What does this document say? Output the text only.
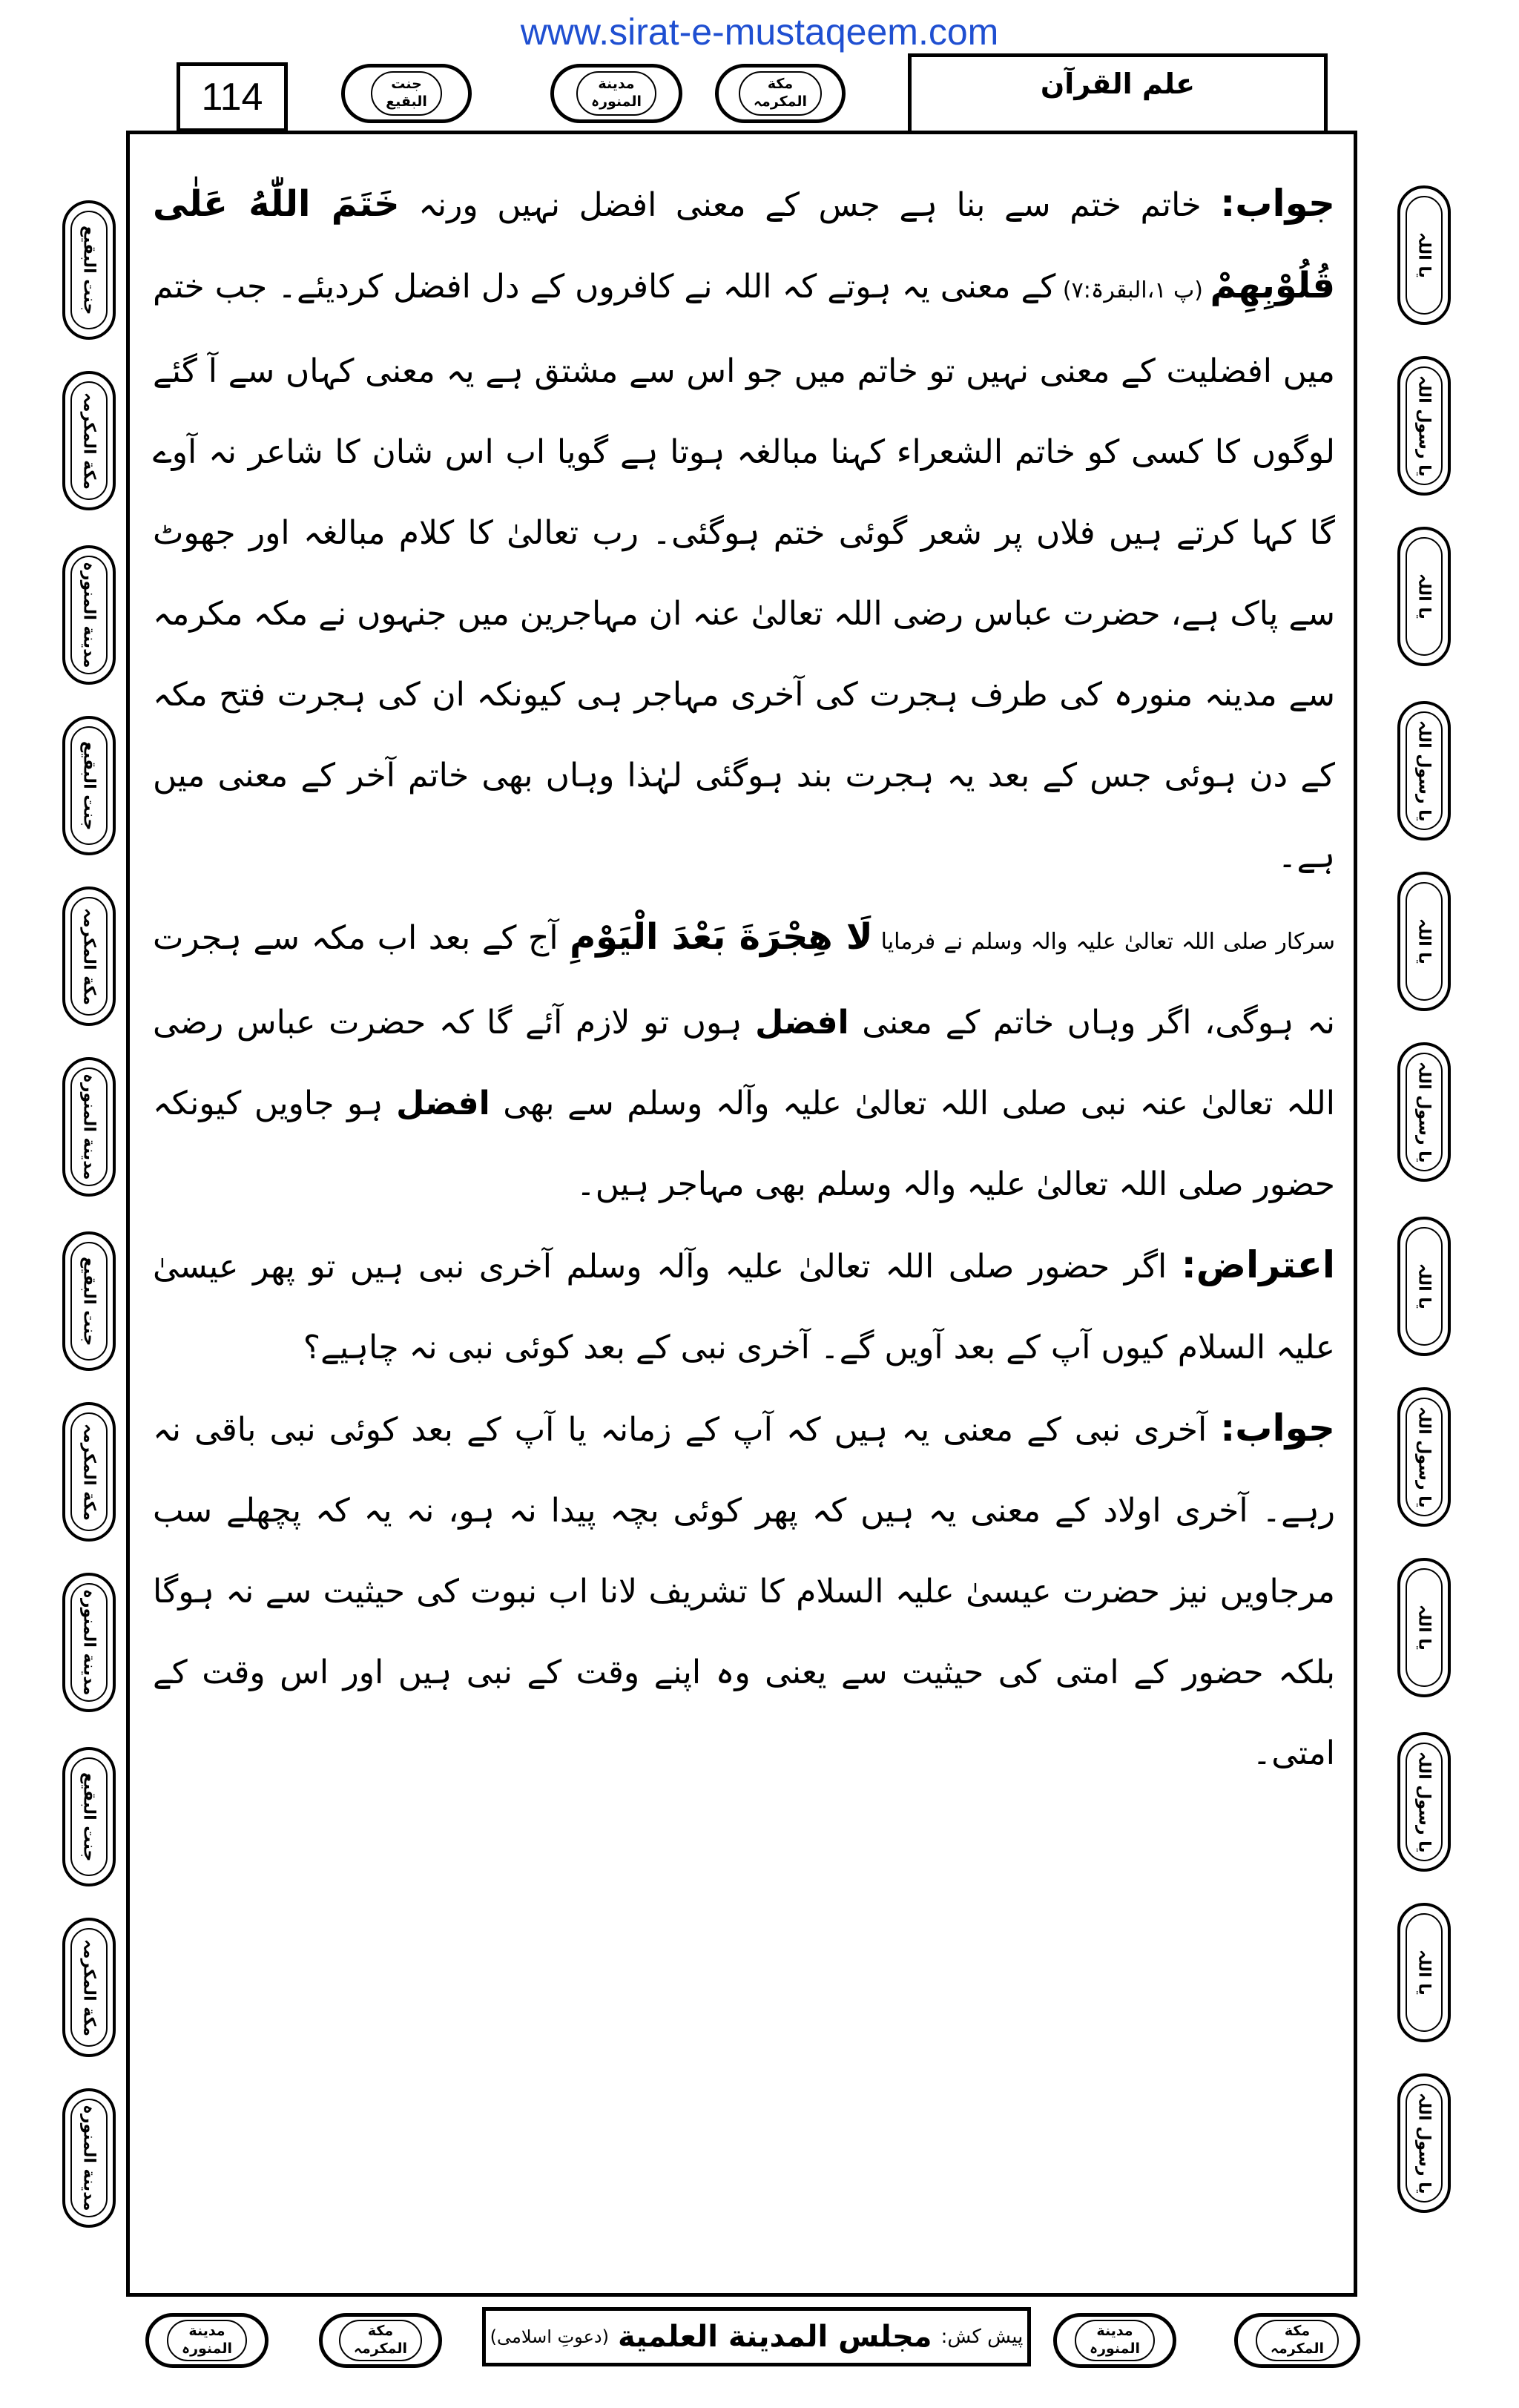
www.sirat-e-mustaqeem.com
114	جنت
البقیع
مدینة
المنورہ
مکة
المکرمہ
علم القرآن
جنت البقیع
مکة المکرمہ
مدینة المنورہ
جنت البقیع
مکة المکرمہ
مدینة المنورہ
جنت البقیع
مکة المکرمہ
مدینة المنورہ
جنت البقیع
مکة المکرمہ
مدینة المنورہ
یا اللہ
یا رسول اللہ
یا اللہ
یا رسول اللہ
یا اللہ
یا رسول اللہ
یا اللہ
یا رسول اللہ
یا اللہ
یا رسول اللہ
یا اللہ
یا رسول اللہ

جواب: خاتم ختم سے بنا ہے جس کے معنی افضل نہیں ورنہ خَتَمَ اللّٰهُ عَلٰى قُلُوْبِهِمْ (پ ۱،البقرۃ:۷) کے معنی یہ ہوتے کہ اللہ نے کافروں کے دل افضل کردیئے۔ جب ختم میں افضلیت کے معنی نہیں تو خاتم میں جو اس سے مشتق ہے یہ معنی کہاں سے آ گئے لوگوں کا کسی کو خاتم الشعراء کہنا مبالغہ ہوتا ہے گویا اب اس شان کا شاعر نہ آوے گا کہا کرتے ہیں فلاں پر شعر گوئی ختم ہوگئی۔ رب تعالیٰ کا کلام مبالغہ اور جھوٹ سے پاک ہے، حضرت عباس رضی اللہ تعالیٰ عنہ ان مہاجرین میں جنہوں نے مکہ مکرمہ سے مدینہ منورہ کی طرف ہجرت کی آخری مہاجر ہی کیونکہ ان کی ہجرت فتح مکہ کے دن ہوئی جس کے بعد یہ ہجرت بند ہوگئی لہٰذا وہاں بھی خاتم آخر کے معنی میں ہے۔

سرکار صلی اللہ تعالیٰ علیہ والہ وسلم نے فرمایا لَا هِجْرَةَ بَعْدَ الْيَوْمِ آج کے بعد اب مکہ سے ہجرت نہ ہوگی، اگر وہاں خاتم کے معنی افضل ہوں تو لازم آئے گا کہ حضرت عباس رضی اللہ تعالیٰ عنہ نبی صلی اللہ تعالیٰ علیہ وآلہ وسلم سے بھی افضل ہو جاویں کیونکہ حضور صلی اللہ تعالیٰ علیہ والہ وسلم بھی مہاجر ہیں۔

اعتراض: اگر حضور صلی اللہ تعالیٰ علیہ وآلہ وسلم آخری نبی ہیں تو پھر عیسیٰ علیہ السلام کیوں آپ کے بعد آویں گے۔ آخری نبی کے بعد کوئی نبی نہ چاہیے؟

جواب: آخری نبی کے معنی یہ ہیں کہ آپ کے زمانہ یا آپ کے بعد کوئی نبی باقی نہ رہے۔ آخری اولاد کے معنی یہ ہیں کہ پھر کوئی بچہ پیدا نہ ہو، نہ یہ کہ پچھلے سب مرجاویں نیز حضرت عیسیٰ علیہ السلام کا تشریف لانا اب نبوت کی حیثیت سے نہ ہوگا بلکہ حضور کے امتی کی حیثیت سے یعنی وہ اپنے وقت کے نبی ہیں اور اس وقت کے امتی۔

مدینة
المنورہ
مکة
المکرمہ
پیش کش:
مجلس المدینة العلمیة
(دعوتِ اسلامی)	مدینة
المنورہ
مکة
المکرمہ
